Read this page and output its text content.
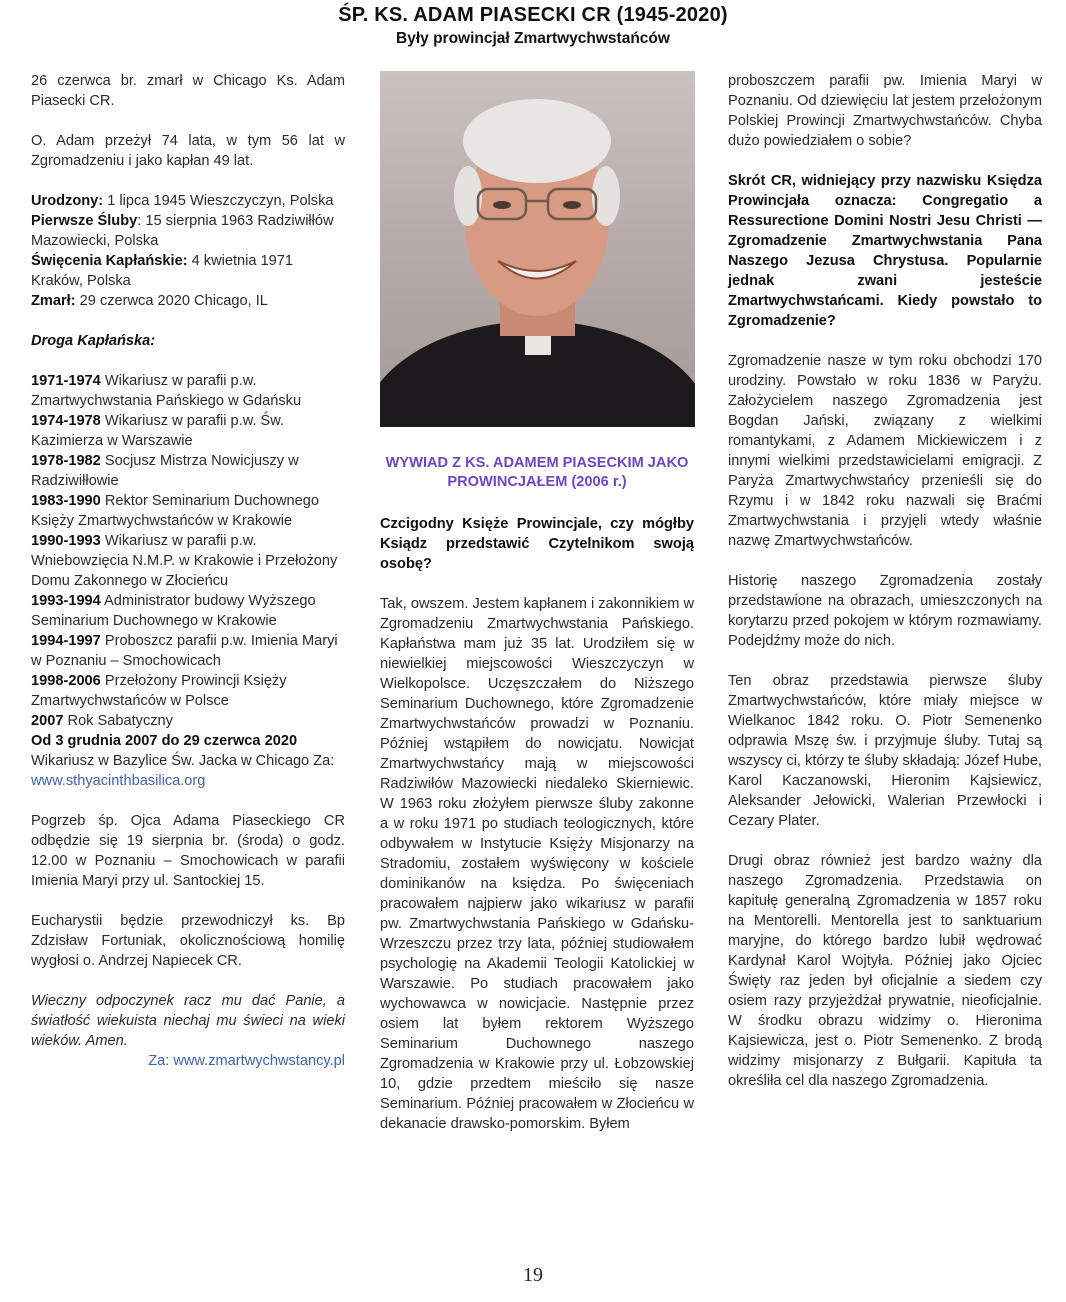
ŚP. KS. ADAM PIASECKI CR (1945-2020)
Były prowincjał Zmartwychwstańców

26 czerwca br. zmarł w Chicago Ks. Adam Piasecki CR.

O. Adam przeżył 74 lata, w tym 56 lat w Zgromadzeniu i jako kapłan 49 lat.

Urodzony: 1 lipca 1945 Wieszczyczyn, Polska
Pierwsze Śluby: 15 sierpnia 1963 Radziwiłłów Mazowiecki, Polska
Święcenia Kapłańskie: 4 kwietnia 1971 Kraków, Polska
Zmarł: 29 czerwca 2020 Chicago, IL

Droga Kapłańska:

1971-1974 Wikariusz w parafii p.w. Zmartwychwstania Pańskiego w Gdańsku
1974-1978 Wikariusz w parafii p.w. Św. Kazimierza w Warszawie
1978-1982 Socjusz Mistrza Nowicjuszy w Radziwiłłowie
1983-1990 Rektor Seminarium Duchownego Księży Zmartwychwstańców w Krakowie
1990-1993 Wikariusz w parafii p.w. Wniebowzięcia N.M.P. w Krakowie i Przełożony Domu Zakonnego w Złocieńcu
1993-1994 Administrator budowy Wyższego Seminarium Duchownego w Krakowie
1994-1997 Proboszcz parafii p.w. Imienia Maryi w Poznaniu – Smochowicach
1998-2006 Przełożony Prowincji Księży Zmartwychwstańców w Polsce
2007 Rok Sabatyczny
Od 3 grudnia 2007 do 29 czerwca 2020 Wikariusz w Bazylice Św. Jacka w Chicago Za: www.sthyacinthbasilica.org

Pogrzeb śp. Ojca Adama Piaseckiego CR odbędzie się 19 sierpnia br. (środa) o godz. 12.00 w Poznaniu – Smochowicach w parafii Imienia Maryi przy ul. Santockiej 15.

Eucharystii będzie przewodniczył ks. Bp Zdzisław Fortuniak, okolicznościową homilię wygłosi o. Andrzej Napiecek CR.

Wieczny odpoczynek racz mu dać Panie, a światłość wiekuista niechaj mu świeci na wieki wieków. Amen.

Za: www.zmartwychwstancy.pl
WYWIAD Z KS. ADAMEM PIASECKIM JAKO PROWINCJAŁEM (2006 r.)

Czcigodny Księże Prowincjale, czy mógłby Ksiądz przedstawić Czytelnikom swoją osobę?

Tak, owszem. Jestem kapłanem i zakonnikiem w Zgromadzeniu Zmartwychwstania Pańskiego. Kapłaństwa mam już 35 lat. Urodziłem się w niewielkiej miejscowości Wieszczyczyn w Wielkopolsce. Uczęszczałem do Niższego Seminarium Duchownego, które Zgromadzenie Zmartwychwstańców prowadzi w Poznaniu. Później wstąpiłem do nowicjatu. Nowicjat Zmartwychwstańcy mają w miejscowości Radziwiłów Mazowiecki niedaleko Skierniewic. W 1963 roku złożyłem pierwsze śluby zakonne a w roku 1971 po studiach teologicznych, które odbywałem w Instytucie Księży Misjonarzy na Stradomiu, zostałem wyświęcony w kościele dominikanów na księdza. Po święceniach pracowałem najpierw jako wikariusz w parafii pw. Zmartwychwstania Pańskiego w Gdańsku-Wrzeszczu przez trzy lata, później studiowałem psychologię na Akademii Teologii Katolickiej w Warszawie. Po studiach pracowałem jako wychowawca w nowicjacie. Następnie przez osiem lat byłem rektorem Wyższego Seminarium Duchownego naszego Zgromadzenia w Krakowie przy ul. Łobzowskiej 10, gdzie przedtem mieściło się nasze Seminarium. Później pracowałem w Złocieńcu w dekanacie drawsko-pomorskim. Byłem

proboszczem parafii pw. Imienia Maryi w Poznaniu. Od dziewięciu lat jestem przełożonym Polskiej Prowincji Zmartwychwstańców. Chyba dużo powiedziałem o sobie?

Skrót CR, widniejący przy nazwisku Księdza Prowincjała oznacza: Congregatio a Ressurectione Domini Nostri Jesu Christi — Zgromadzenie Zmartwychwstania Pana Naszego Jezusa Chrystusa. Popularnie jednak zwani jesteście Zmartwychwstańcami. Kiedy powstało to Zgromadzenie?

Zgromadzenie nasze w tym roku obchodzi 170 urodziny. Powstało w roku 1836 w Paryżu. Założycielem naszego Zgromadzenia jest Bogdan Jański, związany z wielkimi romantykami, z Adamem Mickiewiczem i z innymi wielkimi przedstawicielami emigracji. Z Paryża Zmartwychwstańcy przenieśli się do Rzymu i w 1842 roku nazwali się Braćmi Zmartwychwstania i przyjęli wtedy właśnie nazwę Zmartwychwstańców.

Historię naszego Zgromadzenia zostały przedstawione na obrazach, umieszczonych na korytarzu przed pokojem w którym rozmawiamy. Podejdźmy może do nich.

Ten obraz przedstawia pierwsze śluby Zmartwychwstańców, które miały miejsce w Wielkanoc 1842 roku. O. Piotr Semenenko odprawia Mszę św. i przyjmuje śluby. Tutaj są wszyscy ci, którzy te śluby składają: Józef Hube, Karol Kaczanowski, Hieronim Kajsiewicz, Aleksander Jełowicki, Walerian Przewłocki i Cezary Plater.

Drugi obraz również jest bardzo ważny dla naszego Zgromadzenia. Przedstawia on kapitułę generalną Zgromadzenia w 1857 roku na Mentorelli. Mentorella jest to sanktuarium maryjne, do którego bardzo lubił wędrować Kardynał Karol Wojtyła. Później jako Ojciec Święty raz jeden był oficjalnie a siedem czy osiem razy przyjeżdżał prywatnie, nieoficjalnie. W środku obrazu widzimy o. Hieronima Kajsiewicza, jest o. Piotr Semenenko. Z brodą widzimy misjonarzy z Bułgarii. Kapituła ta określiła cel dla naszego Zgromadzenia.

19
